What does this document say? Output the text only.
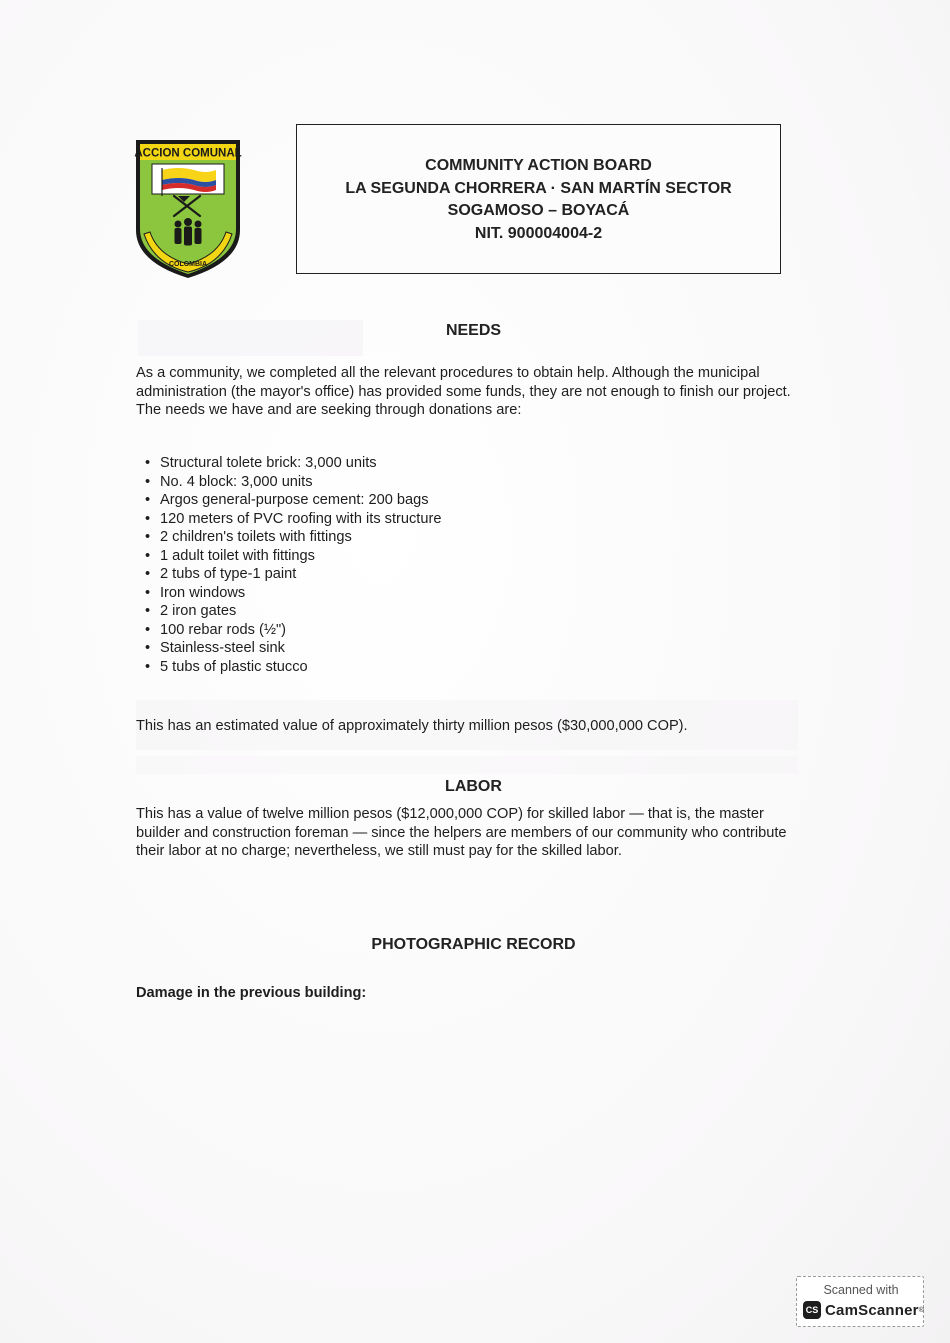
ACCION COMUNAL
COLOMBIA
COMMUNITY ACTION BOARD
LA SEGUNDA CHORRERA · SAN MARTÍN SECTOR
SOGAMOSO – BOYACÁ
NIT. 900004004-2
NEEDS

As a community, we completed all the relevant procedures to obtain help. Although the municipal administration (the mayor's office) has provided some funds, they are not enough to finish our project. The needs we have and are seeking through donations are:

• Structural tolete brick: 3,000 units
• No. 4 block: 3,000 units
• Argos general-purpose cement: 200 bags
• 120 meters of PVC roofing with its structure
• 2 children's toilets with fittings
• 1 adult toilet with fittings
• 2 tubs of type-1 paint
• Iron windows
• 2 iron gates
• 100 rebar rods (½")
• Stainless-steel sink
• 5 tubs of plastic stucco

This has an estimated value of approximately thirty million pesos ($30,000,000 COP).

LABOR

This has a value of twelve million pesos ($12,000,000 COP) for skilled labor — that is, the master builder and construction foreman — since the helpers are members of our community who contribute their labor at no charge; nevertheless, we still must pay for the skilled labor.

PHOTOGRAPHIC RECORD
Damage in the previous building:
Scanned with
CS CamScanner ®
